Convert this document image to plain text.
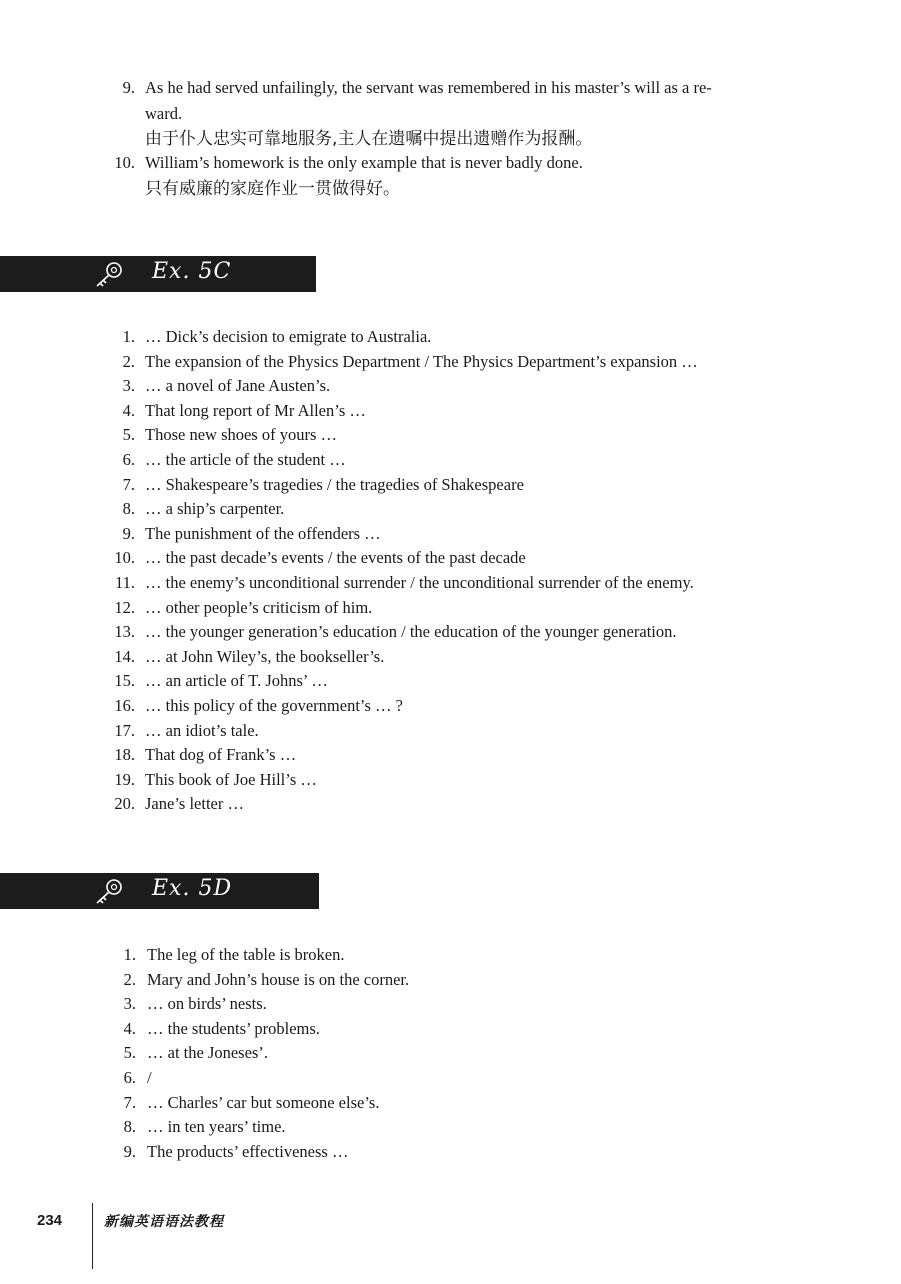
9. As he had served unfailingly, the servant was remembered in his master’s will as a re-
ward.
由于仆人忠实可靠地服务,主人在遗嘱中提出遗赠作为报酬。
10. William’s homework is the only example that is never badly done.
只有威廉的家庭作业一贯做得好。
Ex. 5C
1. … Dick’s decision to emigrate to Australia.
2. The expansion of the Physics Department / The Physics Department’s expansion …
3. … a novel of Jane Austen’s.
4. That long report of Mr Allen’s …
5. Those new shoes of yours …
6. … the article of the student …
7. … Shakespeare’s tragedies / the tragedies of Shakespeare
8. … a ship’s carpenter.
9. The punishment of the offenders …
10. … the past decade’s events / the events of the past decade
11. … the enemy’s unconditional surrender / the unconditional surrender of the enemy.
12. … other people’s criticism of him.
13. … the younger generation’s education / the education of the younger generation.
14. … at John Wiley’s, the bookseller’s.
15. … an article of T. Johns’ …
16. … this policy of the government’s … ?
17. … an idiot’s tale.
18. That dog of Frank’s …
19. This book of Joe Hill’s …
20. Jane’s letter …
Ex. 5D
1. The leg of the table is broken.
2. Mary and John’s house is on the corner.
3. … on birds’ nests.
4. … the students’ problems.
5. … at the Joneses’.
6. /
7. … Charles’ car but someone else’s.
8. … in ten years’ time.
9. The products’ effectiveness …
234	新编英语语法教程
